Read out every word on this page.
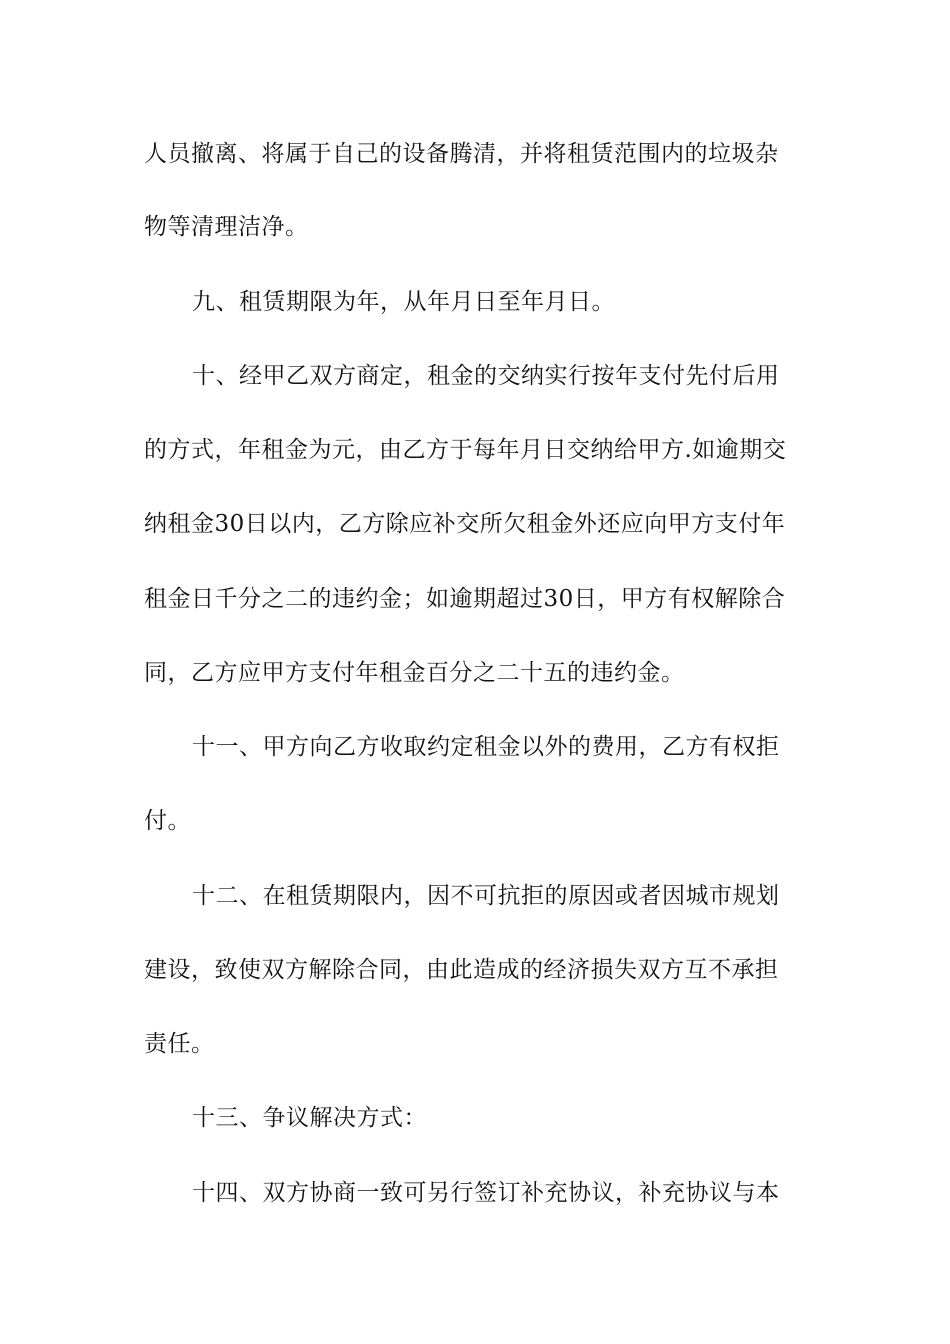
人员撤离、将属于自己的设备腾清，并将租赁范围内的垃圾杂
物等清理洁净。
九、租赁期限为年，从年月日至年月日。
十、经甲乙双方商定，租金的交纳实行按年支付先付后用
的方式，年租金为元，由乙方于每年月日交纳给甲方.如逾期交
纳租金30日以内，乙方除应补交所欠租金外还应向甲方支付年
租金日千分之二的违约金；如逾期超过30日，甲方有权解除合
同，乙方应甲方支付年租金百分之二十五的违约金。
十一、甲方向乙方收取约定租金以外的费用，乙方有权拒
付。
十二、在租赁期限内，因不可抗拒的原因或者因城市规划
建设，致使双方解除合同，由此造成的经济损失双方互不承担
责任。
十三、争议解决方式：
十四、双方协商一致可另行签订补充协议，补充协议与本
